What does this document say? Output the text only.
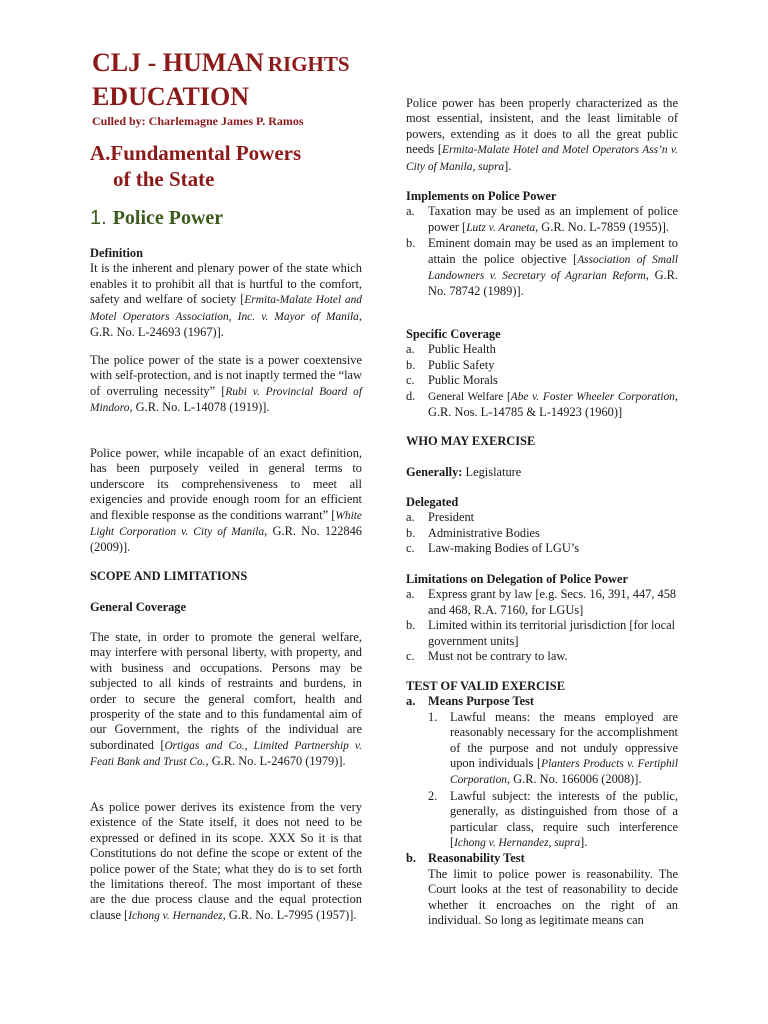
CLJ - HUMAN RIGHTS
EDUCATION
Culled by: Charlemagne James P. Ramos
A.Fundamental Powers
of the State
1. Police Power
Definition
It is the inherent and plenary power of the state which enables it to prohibit all that is hurtful to the comfort, safety and welfare of society [Ermita-Malate Hotel and Motel Operators Association, Inc. v. Mayor of Manila, G.R. No. L-24693 (1967)].
The police power of the state is a power coextensive with self-protection, and is not inaptly termed the “law of overruling necessity” [Rubi v. Provincial Board of Mindoro, G.R. No. L-14078 (1919)].
Police power, while incapable of an exact definition, has been purposely veiled in general terms to underscore its comprehensiveness to meet all exigencies and provide enough room for an efficient and flexible response as the conditions warrant” [White Light Corporation v. City of Manila, G.R. No. 122846 (2009)].
SCOPE AND LIMITATIONS
General Coverage
The state, in order to promote the general welfare, may interfere with personal liberty, with property, and with business and occupations. Persons may be subjected to all kinds of restraints and burdens, in order to secure the general comfort, health and prosperity of the state and to this fundamental aim of our Government, the rights of the individual are subordinated [Ortigas and Co., Limited Partnership v. Feati Bank and Trust Co., G.R. No. L-24670 (1979)].
As police power derives its existence from the very existence of the State itself, it does not need to be expressed or defined in its scope. XXX So it is that Constitutions do not define the scope or extent of the police power of the State; what they do is to set forth the limitations thereof. The most important of these are the due process clause and the equal protection clause [Ichong v. Hernandez, G.R. No. L-7995 (1957)].
Police power has been properly characterized as the most essential, insistent, and the least limitable of powers, extending as it does to all the great public needs [Ermita-Malate Hotel and Motel Operators Ass’n v. City of Manila, supra].
Implements on Police Power
a. Taxation may be used as an implement of police power [Lutz v. Araneta, G.R. No. L-7859 (1955)].
b. Eminent domain may be used as an implement to attain the police objective [Association of Small Landowners v. Secretary of Agrarian Reform, G.R. No. 78742 (1989)].
Specific Coverage
a. Public Health
b. Public Safety
c. Public Morals
d. General Welfare [Abe v. Foster Wheeler Corporation, G.R. Nos. L-14785 & L-14923 (1960)]
WHO MAY EXERCISE
Generally: Legislature
Delegated
a. President
b. Administrative Bodies
c. Law-making Bodies of LGU’s
Limitations on Delegation of Police Power
a. Express grant by law [e.g. Secs. 16, 391, 447, 458 and 468, R.A. 7160, for LGUs]
b. Limited within its territorial jurisdiction [for local government units]
c. Must not be contrary to law.
TEST OF VALID EXERCISE
a. Means Purpose Test
1. Lawful means: the means employed are reasonably necessary for the accomplishment of the purpose and not unduly oppressive upon individuals [Planters Products v. Fertiphil Corporation, G.R. No. 166006 (2008)].
2. Lawful subject: the interests of the public, generally, as distinguished from those of a particular class, require such interference [Ichong v. Hernandez, supra].
b. Reasonability Test
The limit to police power is reasonability. The Court looks at the test of reasonability to decide whether it encroaches on the right of an individual. So long as legitimate means can
